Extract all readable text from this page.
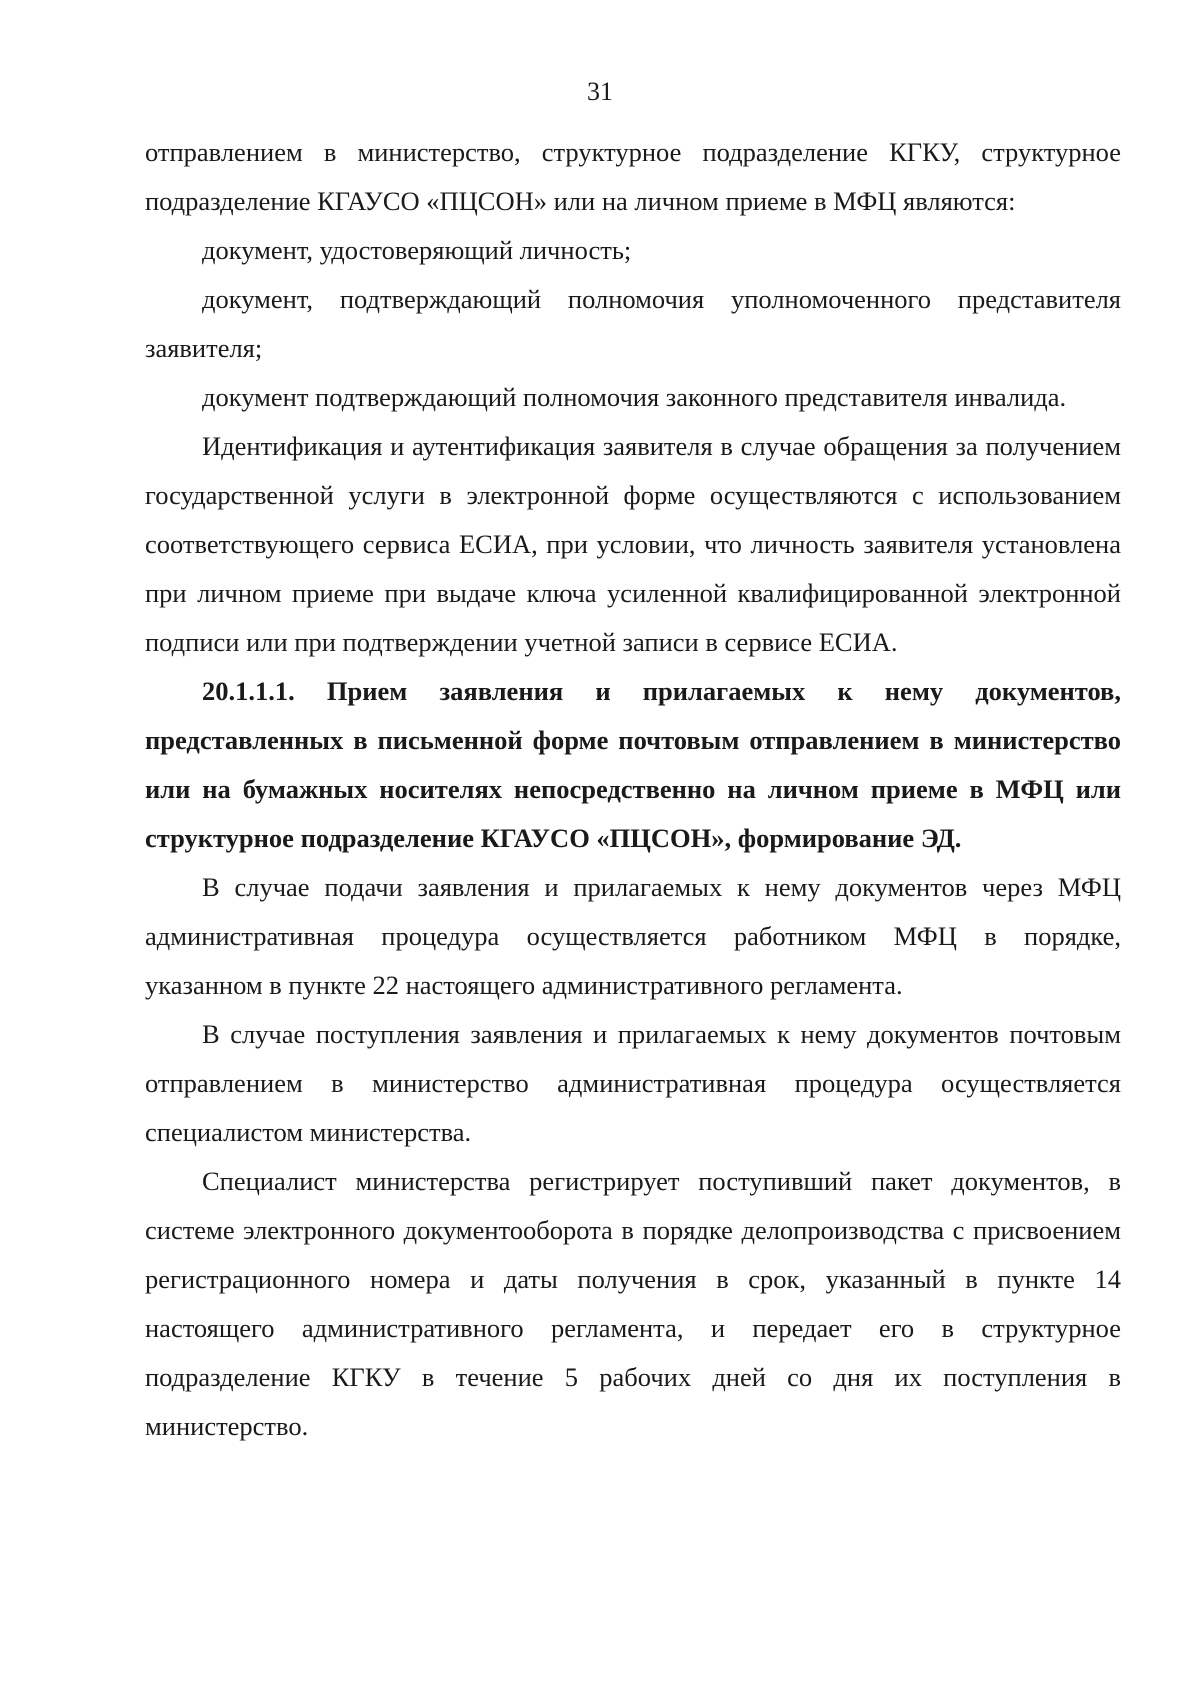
31

отправлением в министерство, структурное подразделение КГКУ, структурное подразделение КГАУСО «ПЦСОН» или на личном приеме в МФЦ являются:

документ, удостоверяющий личность;

документ, подтверждающий полномочия уполномоченного представителя заявителя;

документ подтверждающий полномочия законного представителя инвалида.

Идентификация и аутентификация заявителя в случае обращения за получением государственной услуги в электронной форме осуществляются с использованием соответствующего сервиса ЕСИА, при условии, что личность заявителя установлена при личном приеме при выдаче ключа усиленной квалифицированной электронной подписи или при подтверждении учетной записи в сервисе ЕСИА.

20.1.1.1. Прием заявления и прилагаемых к нему документов, представленных в письменной форме почтовым отправлением в министерство или на бумажных носителях непосредственно на личном приеме в МФЦ или структурное подразделение КГАУСО «ПЦСОН», формирование ЭД.

В случае подачи заявления и прилагаемых к нему документов через МФЦ административная процедура осуществляется работником МФЦ в порядке, указанном в пункте 22 настоящего административного регламента.

В случае поступления заявления и прилагаемых к нему документов почтовым отправлением в министерство административная процедура осуществляется специалистом министерства.

Специалист министерства регистрирует поступивший пакет документов, в системе электронного документооборота в порядке делопроизводства с присвоением регистрационного номера и даты получения в срок, указанный в пункте 14 настоящего административного регламента, и передает его в структурное подразделение КГКУ в течение 5 рабочих дней со дня их поступления в министерство.
